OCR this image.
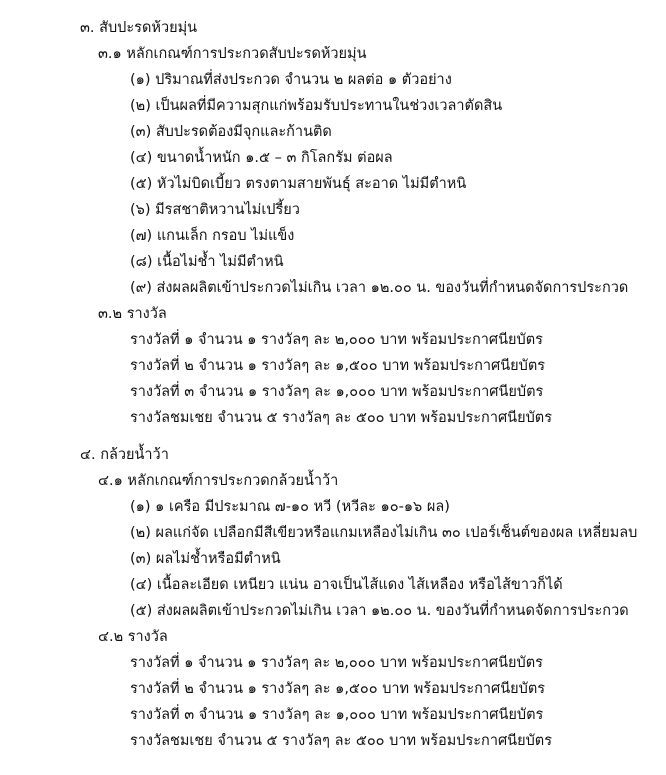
๓. สับปะรดห้วยมุ่น
๓.๑ หลักเกณฑ์การประกวดสับปะรดห้วยมุ่น
(๑) ปริมาณที่ส่งประกวด จำนวน ๒ ผลต่อ ๑ ตัวอย่าง
(๒) เป็นผลที่มีความสุกแก่พร้อมรับประทานในช่วงเวลาตัดสิน
(๓) สับปะรดต้องมีจุกและก้านติด
(๔) ขนาดน้ำหนัก ๑.๕ – ๓ กิโลกรัม ต่อผล
(๕) หัวไม่บิดเบี้ยว ตรงตามสายพันธุ์ สะอาด ไม่มีตำหนิ
(๖) มีรสชาติหวานไม่เปรี้ยว
(๗) แกนเล็ก กรอบ ไม่แข็ง
(๘) เนื้อไม่ช้ำ ไม่มีตำหนิ
(๙) ส่งผลผลิตเข้าประกวดไม่เกิน เวลา ๑๒.๐๐ น. ของวันที่กำหนดจัดการประกวด
๓.๒ รางวัล
รางวัลที่ ๑ จำนวน ๑ รางวัลๆ ละ ๒,๐๐๐ บาท พร้อมประกาศนียบัตร
รางวัลที่ ๒ จำนวน ๑ รางวัลๆ ละ ๑,๕๐๐ บาท พร้อมประกาศนียบัตร
รางวัลที่ ๓ จำนวน ๑ รางวัลๆ ละ ๑,๐๐๐ บาท พร้อมประกาศนียบัตร
รางวัลชมเชย จำนวน ๕ รางวัลๆ ละ ๕๐๐ บาท พร้อมประกาศนียบัตร
๔. กล้วยน้ำว้า
๔.๑ หลักเกณฑ์การประกวดกล้วยน้ำว้า
(๑) ๑ เครือ มีประมาณ ๗-๑๐ หวี (หวีละ ๑๐-๑๖ ผล)
(๒) ผลแก่จัด เปลือกมีสีเขียวหรือแกมเหลืองไม่เกิน ๓๐ เปอร์เซ็นต์ของผล เหลี่ยมลบ
(๓) ผลไม่ช้ำหรือมีตำหนิ
(๔) เนื้อละเอียด เหนียว แน่น อาจเป็นไส้แดง ไส้เหลือง หรือไส้ขาวก็ได้
(๕) ส่งผลผลิตเข้าประกวดไม่เกิน เวลา ๑๒.๐๐ น. ของวันที่กำหนดจัดการประกวด
๔.๒ รางวัล
รางวัลที่ ๑ จำนวน ๑ รางวัลๆ ละ ๒,๐๐๐ บาท พร้อมประกาศนียบัตร
รางวัลที่ ๒ จำนวน ๑ รางวัลๆ ละ ๑,๕๐๐ บาท พร้อมประกาศนียบัตร
รางวัลที่ ๓ จำนวน ๑ รางวัลๆ ละ ๑,๐๐๐ บาท พร้อมประกาศนียบัตร
รางวัลชมเชย จำนวน ๕ รางวัลๆ ละ ๕๐๐ บาท พร้อมประกาศนียบัตร
